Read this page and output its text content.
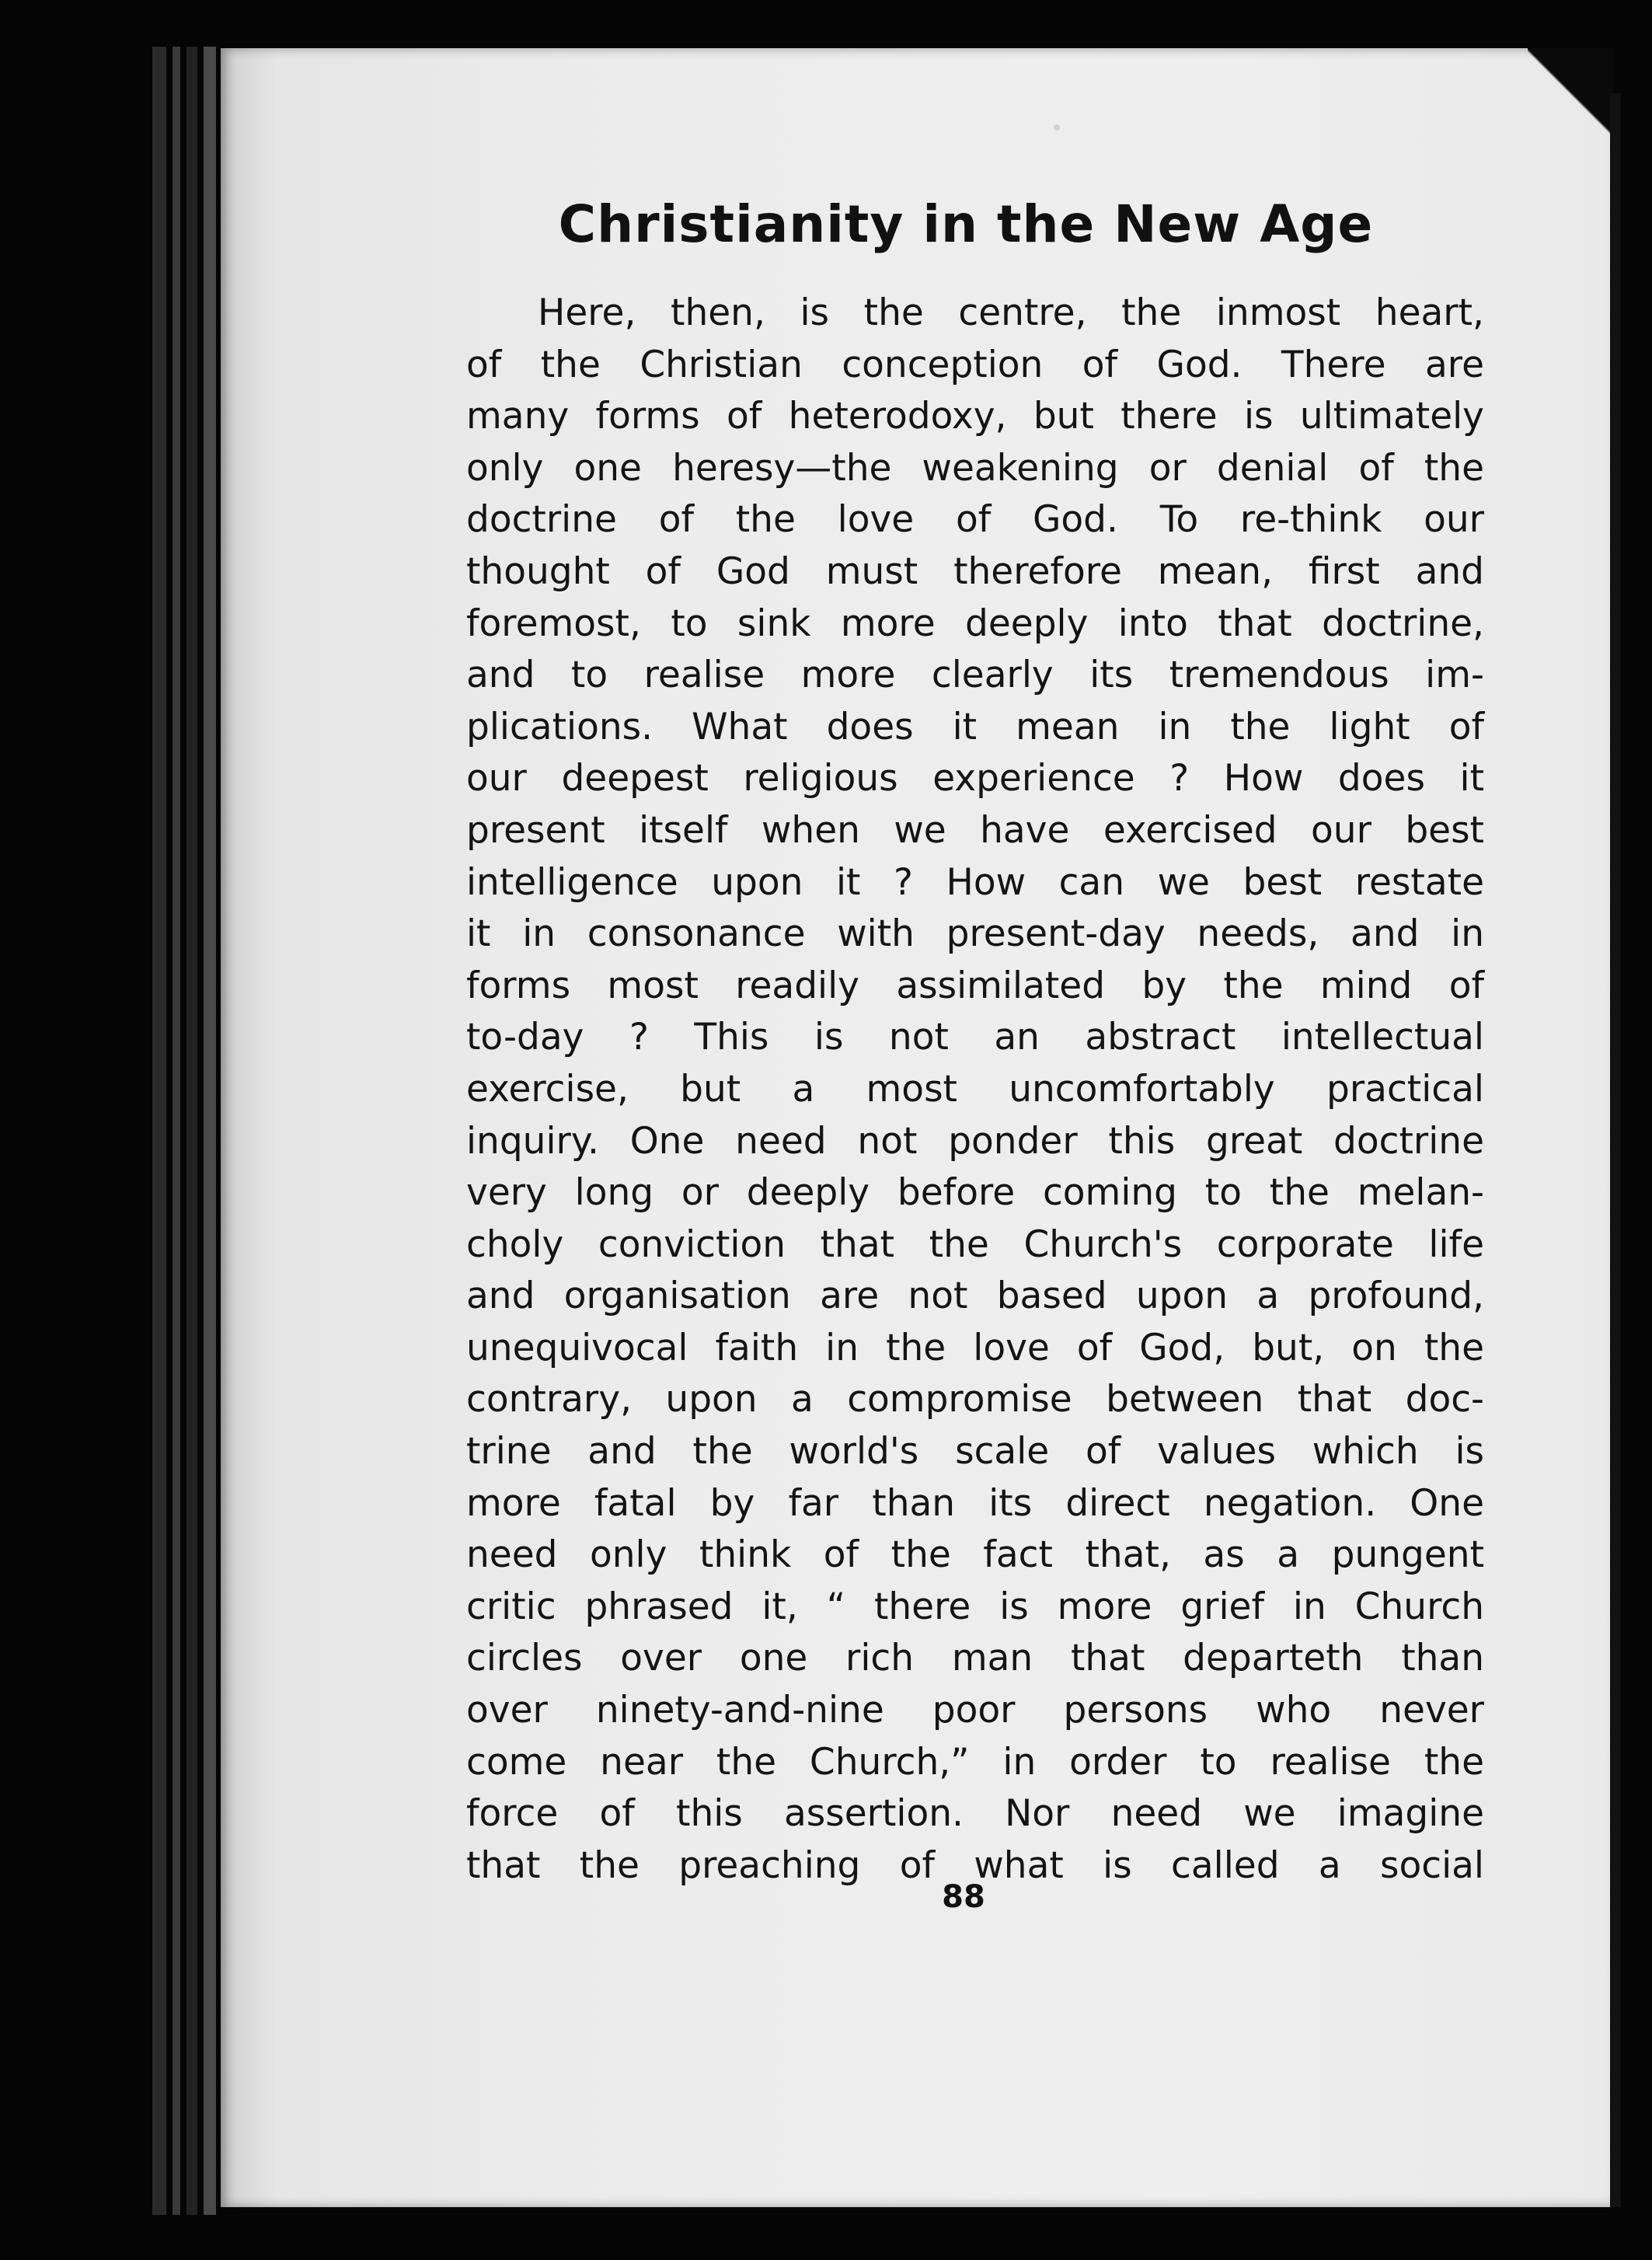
Christianity in the New Age
Here, then, is the centre, the inmost heart,
of the Christian conception of God. There are
many forms of heterodoxy, but there is ultimately
only one heresy—the weakening or denial of the
doctrine of the love of God. To re-think our
thought of God must therefore mean, first and
foremost, to sink more deeply into that doctrine,
and to realise more clearly its tremendous im-
plications. What does it mean in the light of
our deepest religious experience ? How does it
present itself when we have exercised our best
intelligence upon it ? How can we best restate
it in consonance with present-day needs, and in
forms most readily assimilated by the mind of
to-day ? This is not an abstract intellectual
exercise, but a most uncomfortably practical
inquiry. One need not ponder this great doctrine
very long or deeply before coming to the melan-
choly conviction that the Church's corporate life
and organisation are not based upon a profound,
unequivocal faith in the love of God, but, on the
contrary, upon a compromise between that doc-
trine and the world's scale of values which is
more fatal by far than its direct negation. One
need only think of the fact that, as a pungent
critic phrased it, “ there is more grief in Church
circles over one rich man that departeth than
over ninety-and-nine poor persons who never
come near the Church,” in order to realise the
force of this assertion. Nor need we imagine
that the preaching of what is called a social
88
